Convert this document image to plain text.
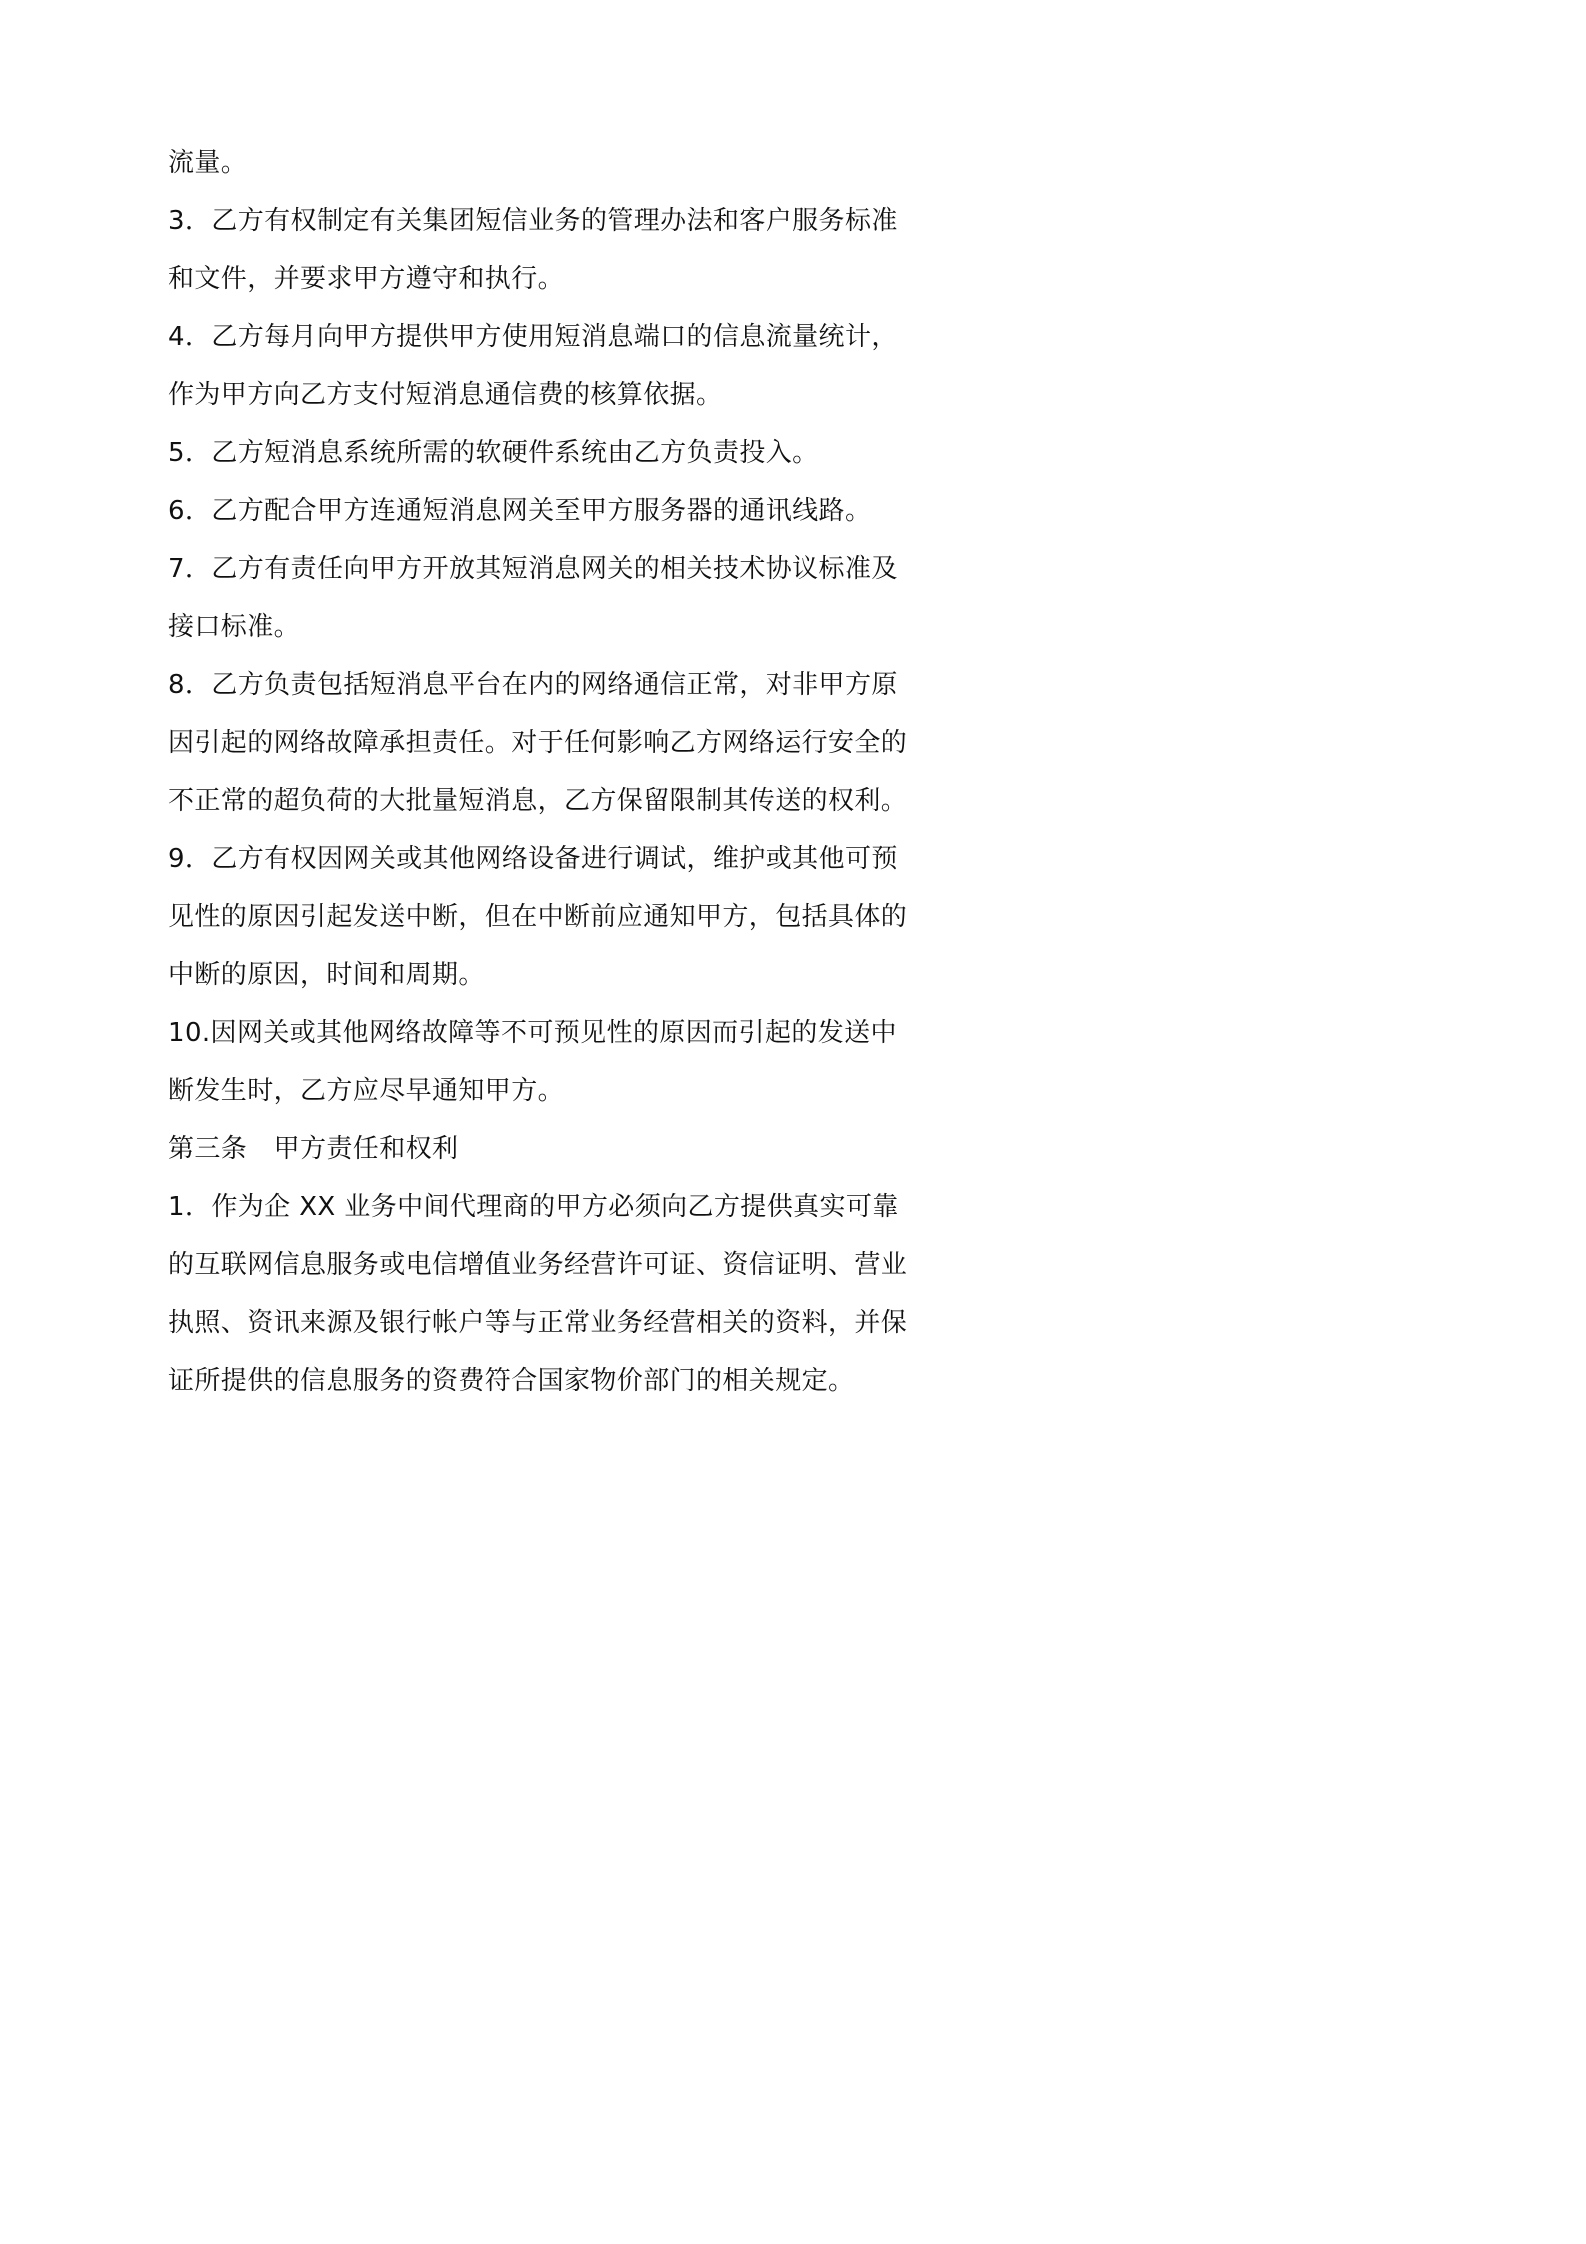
流量。
3．乙方有权制定有关集团短信业务的管理办法和客户服务标准
和文件，并要求甲方遵守和执行。
4．乙方每月向甲方提供甲方使用短消息端口的信息流量统计，
作为甲方向乙方支付短消息通信费的核算依据。
5．乙方短消息系统所需的软硬件系统由乙方负责投入。
6．乙方配合甲方连通短消息网关至甲方服务器的通讯线路。
7．乙方有责任向甲方开放其短消息网关的相关技术协议标准及
接口标准。
8．乙方负责包括短消息平台在内的网络通信正常，对非甲方原
因引起的网络故障承担责任。对于任何影响乙方网络运行安全的
不正常的超负荷的大批量短消息，乙方保留限制其传送的权利。
9．乙方有权因网关或其他网络设备进行调试，维护或其他可预
见性的原因引起发送中断，但在中断前应通知甲方，包括具体的
中断的原因，时间和周期。
10.因网关或其他网络故障等不可预见性的原因而引起的发送中
断发生时，乙方应尽早通知甲方。
第三条　甲方责任和权利
1．作为企 XX 业务中间代理商的甲方必须向乙方提供真实可靠
的互联网信息服务或电信增值业务经营许可证、资信证明、营业
执照、资讯来源及银行帐户等与正常业务经营相关的资料，并保
证所提供的信息服务的资费符合国家物价部门的相关规定。
